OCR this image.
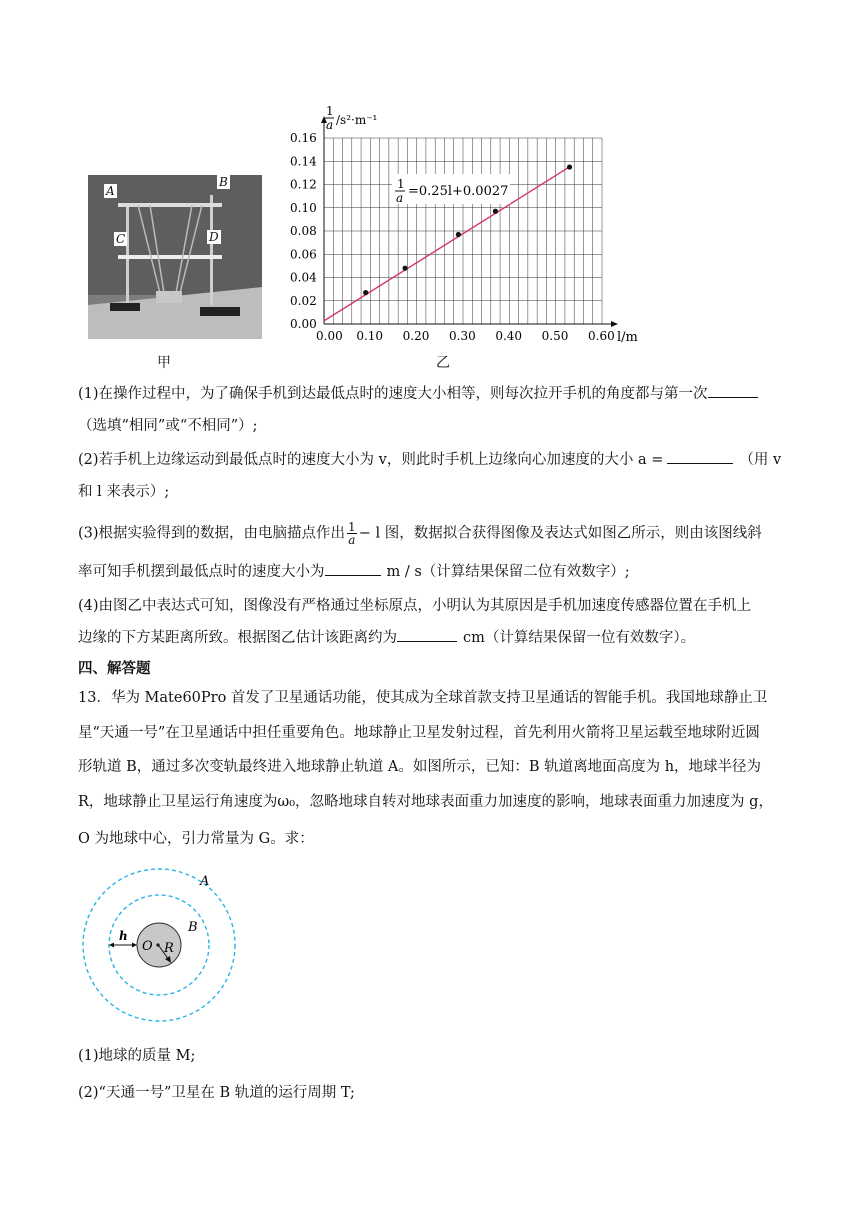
A
B
C	D
甲
0.00 0.10 0.20 0.30 0.40 0.50 0.60
0.00
0.02
0.04
0.06
0.08
0.10
0.12
0.14
0.16
1
a /s²·m⁻¹
l/m
1
a =0.25l+0.0027
乙
(1)在操作过程中，为了确保手机到达最低点时的速度大小相等，则每次拉开手机的角度都与第一次
（选填“相同”或“不相同”）;
(2)若手机上边缘运动到最低点时的速度大小为 v，则此时手机上边缘向心加速度的大小 a =	（用 v
和 l 来表示）;
(3)根据实验得到的数据，由电脑描点作出 $\frac{1}{a} - l$ 图，数据拟合获得图像及表达式如图乙所示，则由该图线斜
率可知手机摆到最低点时的速度大小为	m / s（计算结果保留二位有效数字）;
(4)由图乙中表达式可知，图像没有严格通过坐标原点，小明认为其原因是手机加速度传感器位置在手机上
边缘的下方某距离所致。根据图乙估计该距离约为	cm（计算结果保留一位有效数字）。
四、解答题
13．华为 Mate60Pro 首发了卫星通话功能，使其成为全球首款支持卫星通话的智能手机。我国地球静止卫
星“天通一号”在卫星通话中担任重要角色。地球静止卫星发射过程，首先利用火箭将卫星运载至地球附近圆
形轨道 B，通过多次变轨最终进入地球静止轨道 A。如图所示，已知：B 轨道离地面高度为 h，地球半径为
R，地球静止卫星运行角速度为ω₀，忽略地球自转对地球表面重力加速度的影响，地球表面重力加速度为 g，
O 为地球中心，引力常量为 G。求：
A
B
h
O R
(1)地球的质量 M;
(2)“天通一号”卫星在 B 轨道的运行周期 T;
